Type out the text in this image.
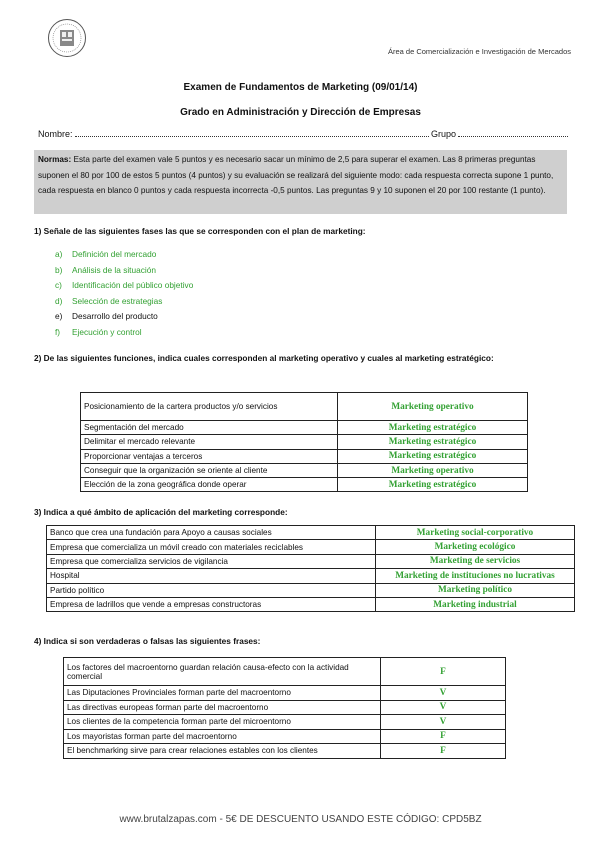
Área de Comercialización e Investigación de Mercados
Examen de Fundamentos de Marketing (09/01/14)
Grado en Administración y Dirección de Empresas
Nombre:	Grupo
Normas: Esta parte del examen vale 5 puntos y es necesario sacar un mínimo de 2,5 para superar el examen. Las 8 primeras preguntas suponen el 80 por 100 de estos 5 puntos (4 puntos) y su evaluación se realizará del siguiente modo: cada respuesta correcta supone 1 punto, cada respuesta en blanco 0 puntos y cada respuesta incorrecta -0,5 puntos. Las preguntas 9 y 10 suponen el 20 por 100 restante (1 punto).
1) Señale de las siguientes fases las que se corresponden con el plan de marketing:
a)	Definición del mercado
b)	Análisis de la situación
c)	Identificación del público objetivo
d)	Selección de estrategias
e)	Desarrollo del producto
f)	Ejecución y control
2) De las siguientes funciones, indica cuales corresponden al marketing operativo y cuales al marketing estratégico:
Posicionamiento de la cartera productos y/o servicios	Marketing operativo
Segmentación del mercado	Marketing estratégico
Delimitar el mercado relevante	Marketing estratégico
Proporcionar ventajas a terceros	Marketing estratégico
Conseguir que la organización se oriente al cliente	Marketing operativo
Elección de la zona geográfica donde operar	Marketing estratégico
3) Indica a qué ámbito de aplicación del marketing corresponde:
Banco que crea una fundación para Apoyo a causas sociales	Marketing social-corporativo
Empresa que comercializa un móvil creado con materiales reciclables	Marketing ecológico
Empresa que comercializa servicios de vigilancia	Marketing de servicios
Hospital	Marketing de instituciones no lucrativas
Partido político	Marketing político
Empresa de ladrillos que vende a empresas constructoras	Marketing industrial
4) Indica si son verdaderas o falsas las siguientes frases:
Los factores del macroentorno guardan relación causa-efecto con la actividad comercial	F
Las Diputaciones Provinciales forman parte del macroentorno	V
Las directivas europeas forman parte del macroentorno	V
Los clientes de la competencia forman parte del microentorno	V
Los mayoristas forman parte del macroentorno	F
El benchmarking sirve para crear relaciones estables con los clientes	F
www.brutalzapas.com - 5€ DE DESCUENTO USANDO ESTE CÓDIGO: CPD5BZ
